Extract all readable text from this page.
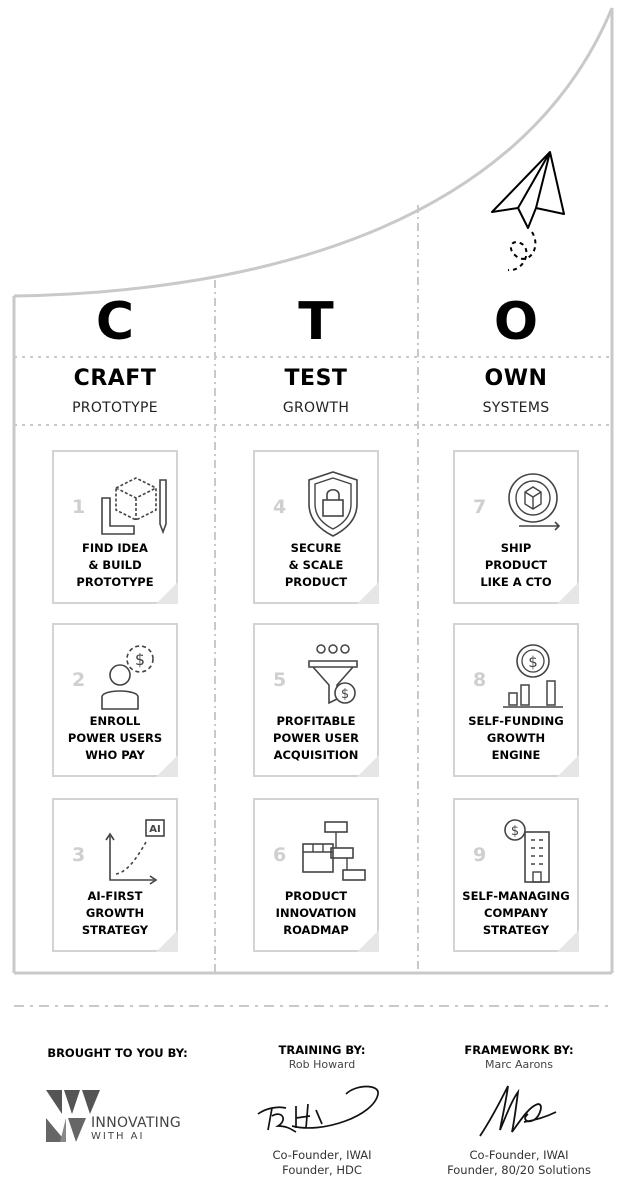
C	T	O
CRAFT	TEST	OWN
PROTOTYPE	GROWTH	SYSTEMS
1
FIND IDEA
& BUILD
PROTOTYPE
2
$
ENROLL
POWER USERS
WHO PAY
3
AI
AI-FIRST
GROWTH
STRATEGY
4
SECURE
& SCALE
PRODUCT
5
$
PROFITABLE
POWER USER
ACQUISITION
6
PRODUCT
INNOVATION
ROADMAP
7
SHIP
PRODUCT
LIKE A CTO
8
$
SELF-FUNDING
GROWTH
ENGINE
9
$
SELF-MANAGING
COMPANY
STRATEGY
BROUGHT TO YOU BY:
INNOVATING
WITH AI
TRAINING BY:
Rob Howard
Co-Founder, IWAI
Founder, HDC
FRAMEWORK BY:
Marc Aarons
Co-Founder, IWAI
Founder, 80/20 Solutions
